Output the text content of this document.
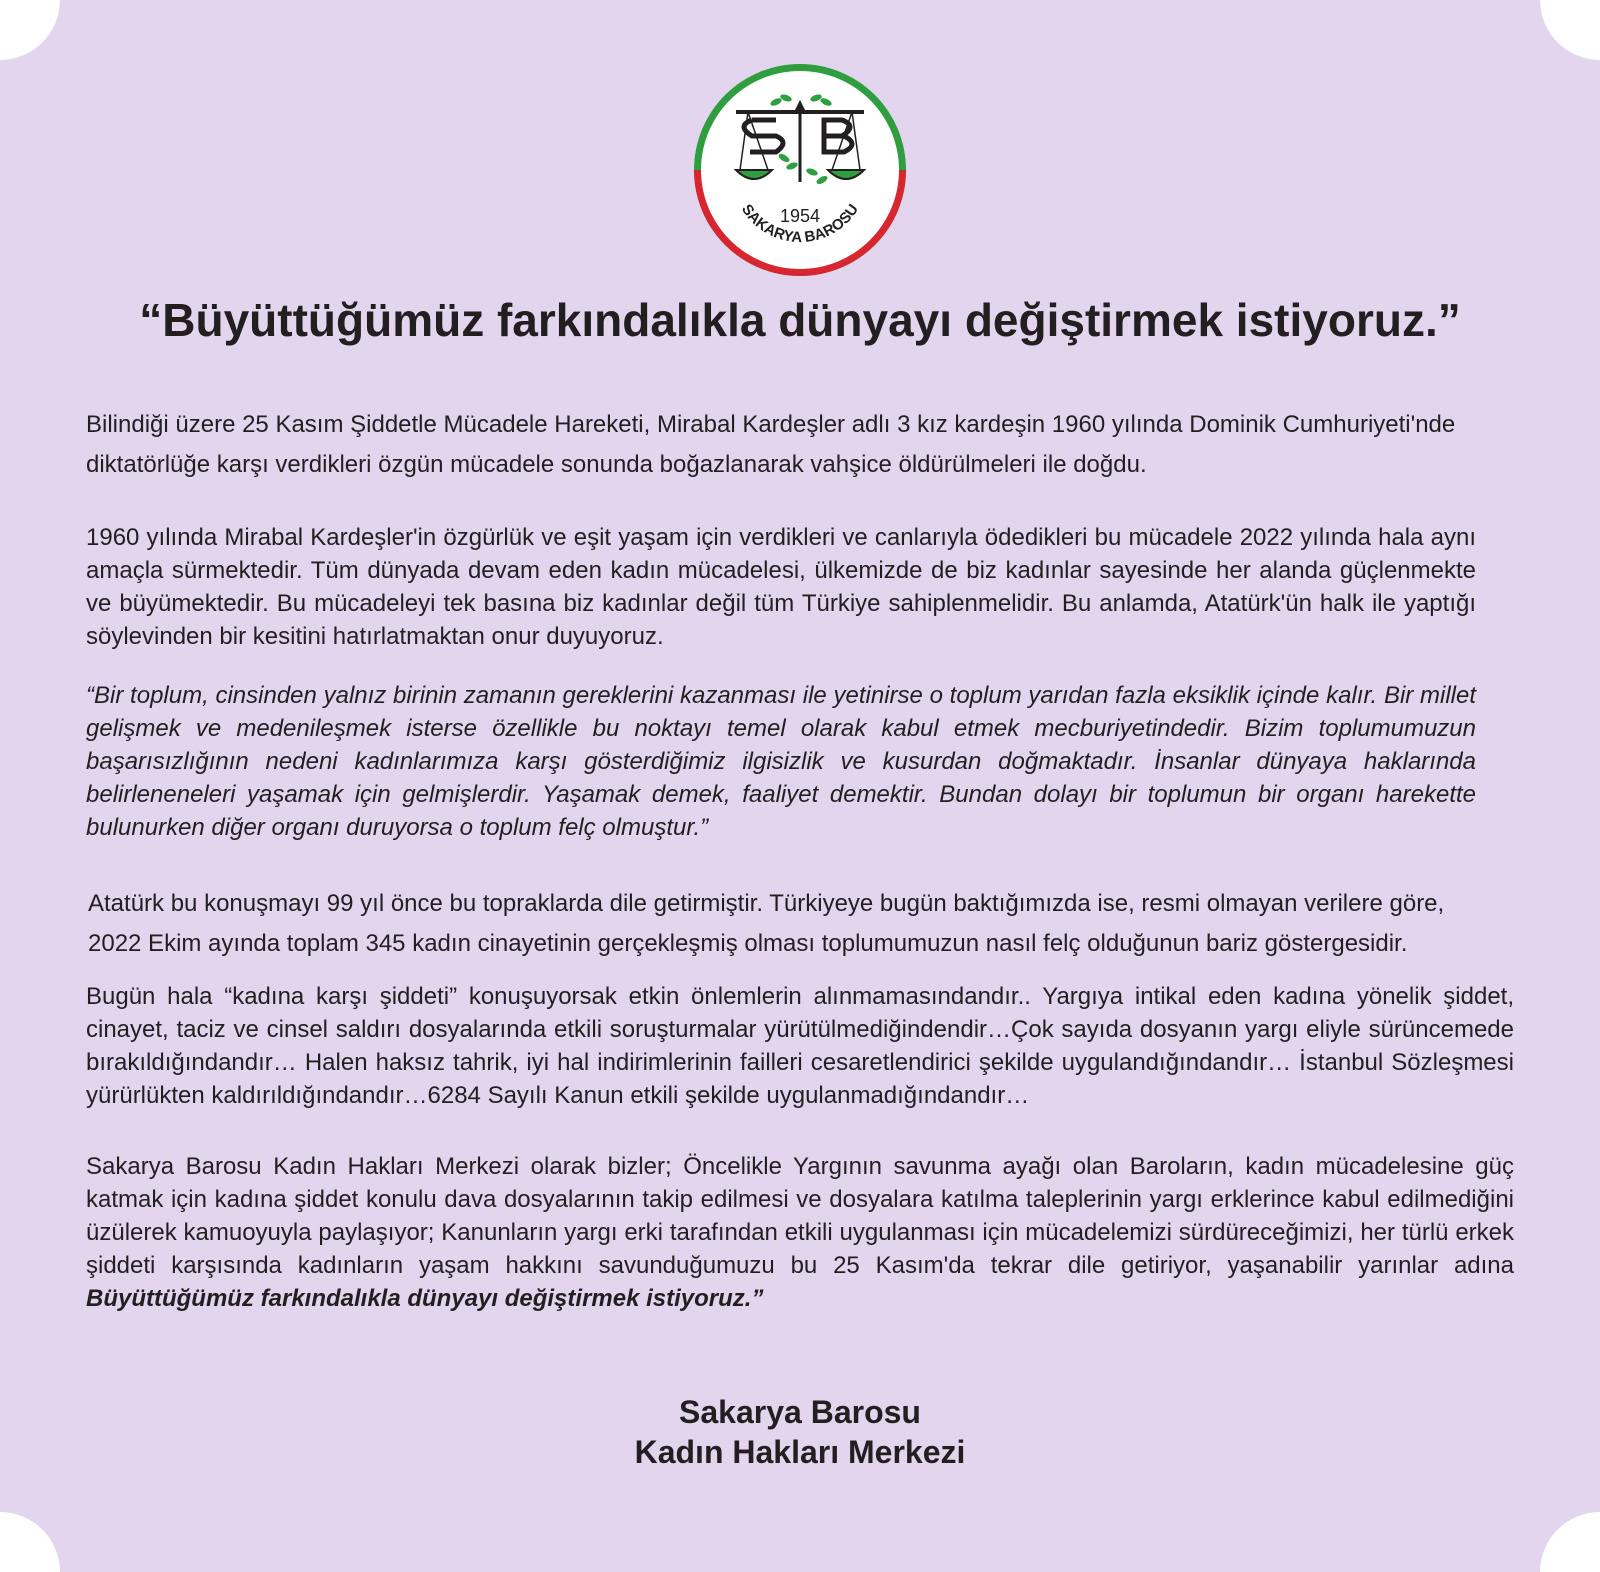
1954
SAKARYA BAROSU
“Büyüttüğümüz farkındalıkla dünyayı değiştirmek istiyoruz.”

Bilindiği üzere 25 Kasım Şiddetle Mücadele Hareketi, Mirabal Kardeşler adlı 3 kız kardeşin 1960 yılında Dominik Cumhuriyeti'nde diktatörlüğe karşı verdikleri özgün mücadele sonunda boğazlanarak vahşice öldürülmeleri ile doğdu.

1960 yılında Mirabal Kardeşler'in özgürlük ve eşit yaşam için verdikleri ve canlarıyla ödedikleri bu mücadele 2022 yılında hala aynı amaçla sürmektedir. Tüm dünyada devam eden kadın mücadelesi, ülkemizde de biz kadınlar sayesinde her alanda güçlenmekte ve büyümektedir. Bu mücadeleyi tek basına biz kadınlar değil tüm Türkiye sahiplenmelidir. Bu anlamda, Atatürk'ün halk ile yaptığı söylevinden bir kesitini hatırlatmaktan onur duyuyoruz.

“Bir toplum, cinsinden yalnız birinin zamanın gereklerini kazanması ile yetinirse o toplum yarıdan fazla eksiklik içinde kalır. Bir millet gelişmek ve medenileşmek isterse özellikle bu noktayı temel olarak kabul etmek mecburiyetindedir. Bizim toplumumuzun başarısızlığının nedeni kadınlarımıza karşı gösterdiğimiz ilgisizlik ve kusurdan doğmaktadır. İnsanlar dünyaya haklarında belirleneneleri yaşamak için gelmişlerdir. Yaşamak demek, faaliyet demektir. Bundan dolayı bir toplumun bir organı harekette bulunurken diğer organı duruyorsa o toplum felç olmuştur.”

Atatürk bu konuşmayı 99 yıl önce bu topraklarda dile getirmiştir. Türkiyeye bugün baktığımızda ise, resmi olmayan verilere göre, 2022 Ekim ayında toplam 345 kadın cinayetinin gerçekleşmiş olması toplumumuzun nasıl felç olduğunun bariz göstergesidir.

Bugün hala “kadına karşı şiddeti” konuşuyorsak etkin önlemlerin alınmamasındandır.. Yargıya intikal eden kadına yönelik şiddet, cinayet, taciz ve cinsel saldırı dosyalarında etkili soruşturmalar yürütülmediğindendir…Çok sayıda dosyanın yargı eliyle sürüncemede bırakıldığındandır… Halen haksız tahrik, iyi hal indirimlerinin failleri cesaretlendirici şekilde uygulandığındandır… İstanbul Sözleşmesi yürürlükten kaldırıldığındandır…6284 Sayılı Kanun etkili şekilde uygulanmadığındandır…

Sakarya Barosu Kadın Hakları Merkezi olarak bizler; Öncelikle Yargının savunma ayağı olan Baroların, kadın mücadelesine güç katmak için kadına şiddet konulu dava dosyalarının takip edilmesi ve dosyalara katılma taleplerinin yargı erklerince kabul edilmediğini üzülerek kamuoyuyla paylaşıyor; Kanunların yargı erki tarafından etkili uygulanması için mücadelemizi sürdüreceğimizi, her türlü erkek şiddeti karşısında kadınların yaşam hakkını savunduğumuzu bu 25 Kasım'da tekrar dile getiriyor, yaşanabilir yarınlar adına Büyüttüğümüz farkındalıkla dünyayı değiştirmek istiyoruz.”

Sakarya Barosu
Kadın Hakları Merkezi
